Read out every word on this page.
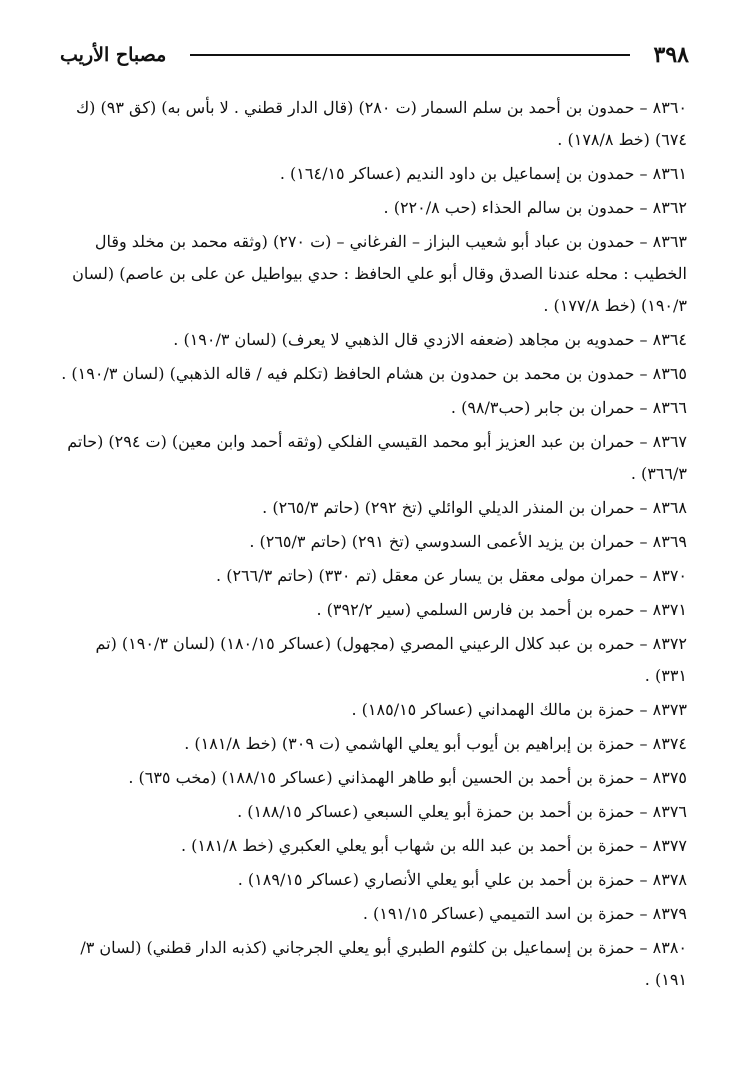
٣٩٨
مصباح الأريب
٨٣٦٠ – حمدون بن أحمد بن سلم السمار (ت ٢٨٠) (قال الدار قطني . لا بأس به) (كق ٩٣) (ك ٦٧٤) (خط ١٧٨/٨) .
٨٣٦١ – حمدون بن إسماعيل بن داود النديم (عساكر ١٦٤/١٥) .
٨٣٦٢ – حمدون بن سالم الحذاء (حب ٢٢٠/٨) .
٨٣٦٣ – حمدون بن عباد أبو شعيب البزاز – الفرغاني – (ت ٢٧٠) (وثقه محمد بن مخلد وقال الخطيب : محله عندنا الصدق وقال أبو علي الحافظ : حدي بيواطيل عن على بن عاصم) (لسان ١٩٠/٣) (خط ١٧٧/٨) .
٨٣٦٤ – حمدويه بن مجاهد (ضعفه الازدي قال الذهبي لا يعرف) (لسان ١٩٠/٣) .
٨٣٦٥ – حمدون بن محمد بن حمدون بن هشام الحافظ (تكلم فيه / قاله الذهبي) (لسان ١٩٠/٣) .
٨٣٦٦ – حمران بن جابر (حب٩٨/٣) .
٨٣٦٧ – حمران بن عبد العزيز أبو محمد القيسي الفلكي (وثقه أحمد وابن معين) (ت ٢٩٤) (حاتم ٣٦٦/٣) .
٨٣٦٨ – حمران بن المنذر الديلي الوائلي (تخ ٢٩٢) (حاتم ٢٦٥/٣) .
٨٣٦٩ – حمران بن يزيد الأعمى السدوسي (تخ ٢٩١) (حاتم ٢٦٥/٣) .
٨٣٧٠ – حمران مولى معقل بن يسار عن معقل (تم ٣٣٠) (حاتم ٢٦٦/٣) .
٨٣٧١ – حمره بن أحمد بن فارس السلمي (سير ٣٩٢/٢) .
٨٣٧٢ – حمره بن عبد كلال الرعيني المصري (مجهول) (عساكر ١٨٠/١٥) (لسان ١٩٠/٣) (تم ٣٣١) .
٨٣٧٣ – حمزة بن مالك الهمداني (عساكر ١٨٥/١٥) .
٨٣٧٤ – حمزة بن إبراهيم بن أيوب أبو يعلي الهاشمي (ت ٣٠٩) (خط ١٨١/٨) .
٨٣٧٥ – حمزة بن أحمد بن الحسين أبو طاهر الهمذاني (عساكر ١٨٨/١٥) (مخب ٦٣٥) .
٨٣٧٦ – حمزة بن أحمد بن حمزة أبو يعلي السبعي (عساكر ١٨٨/١٥) .
٨٣٧٧ – حمزة بن أحمد بن عبد الله بن شهاب أبو يعلي العكبري (خط ١٨١/٨) .
٨٣٧٨ – حمزة بن أحمد بن علي أبو يعلي الأنصاري (عساكر ١٨٩/١٥) .
٨٣٧٩ – حمزة بن اسد التميمي (عساكر ١٩١/١٥) .
٨٣٨٠ – حمزة بن إسماعيل بن كلثوم الطبري أبو يعلي الجرجاني (كذبه الدار قطني) (لسان ٣/ ١٩١) .
